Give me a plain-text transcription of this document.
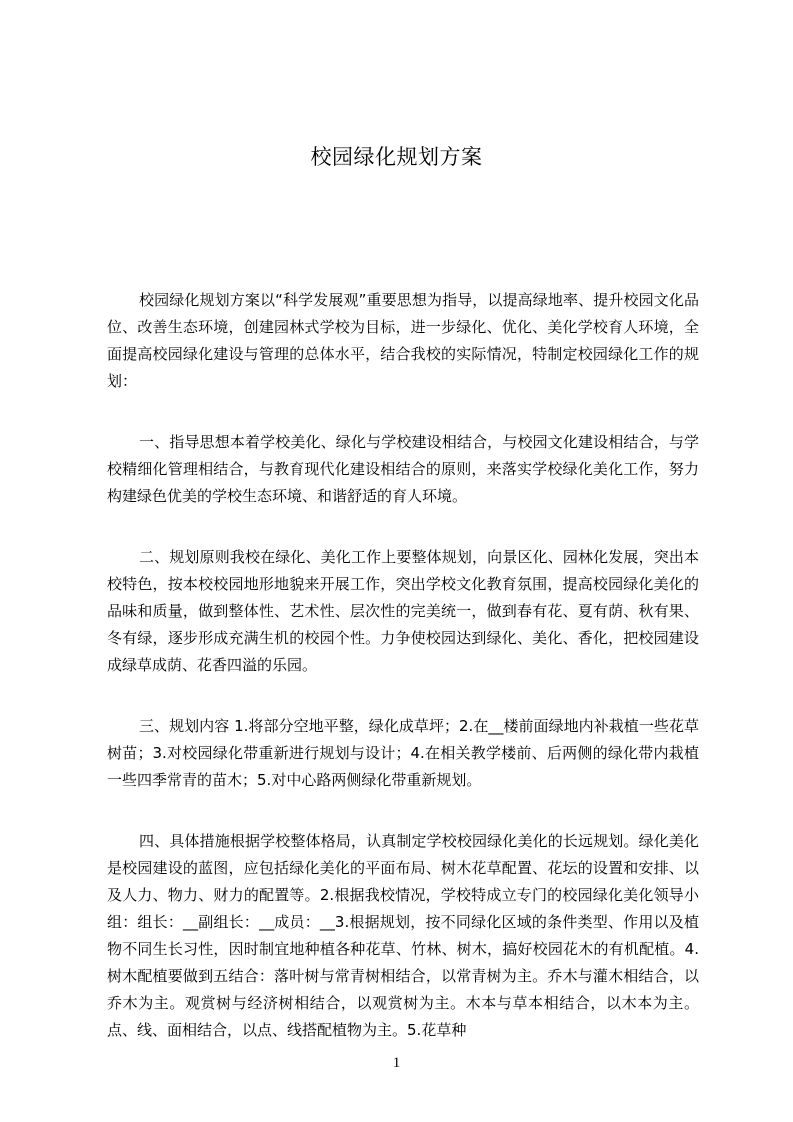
校园绿化规划方案

校园绿化规划方案以“科学发展观”重要思想为指导，以提高绿地率、提升校园文化品位、改善生态环境，创建园林式学校为目标，进一步绿化、优化、美化学校育人环境，全面提高校园绿化建设与管理的总体水平，结合我校的实际情况，特制定校园绿化工作的规划：

一、指导思想本着学校美化、绿化与学校建设相结合，与校园文化建设相结合，与学校精细化管理相结合，与教育现代化建设相结合的原则，来落实学校绿化美化工作，努力构建绿色优美的学校生态环境、和谐舒适的育人环境。

二、规划原则我校在绿化、美化工作上要整体规划，向景区化、园林化发展，突出本校特色，按本校校园地形地貌来开展工作，突出学校文化教育氛围，提高校园绿化美化的品味和质量，做到整体性、艺术性、层次性的完美统一，做到春有花、夏有荫、秋有果、冬有绿，逐步形成充满生机的校园个性。力争使校园达到绿化、美化、香化，把校园建设成绿草成荫、花香四溢的乐园。

三、规划内容 1.将部分空地平整，绿化成草坪；2.在__楼前面绿地内补栽植一些花草树苗；3.对校园绿化带重新进行规划与设计；4.在相关教学楼前、后两侧的绿化带内栽植一些四季常青的苗木；5.对中心路两侧绿化带重新规划。

四、具体措施根据学校整体格局，认真制定学校校园绿化美化的长远规划。绿化美化是校园建设的蓝图，应包括绿化美化的平面布局、树木花草配置、花坛的设置和安排、以及人力、物力、财力的配置等。2.根据我校情况，学校特成立专门的校园绿化美化领导小组：组长：__副组长：__成员：__3.根据规划，按不同绿化区域的条件类型、作用以及植物不同生长习性，因时制宜地种植各种花草、竹林、树木，搞好校园花木的有机配植。4.树木配植要做到五结合：落叶树与常青树相结合，以常青树为主。乔木与灌木相结合，以乔木为主。观赏树与经济树相结合，以观赏树为主。木本与草本相结合，以木本为主。点、线、面相结合，以点、线搭配植物为主。5.花草种

1
